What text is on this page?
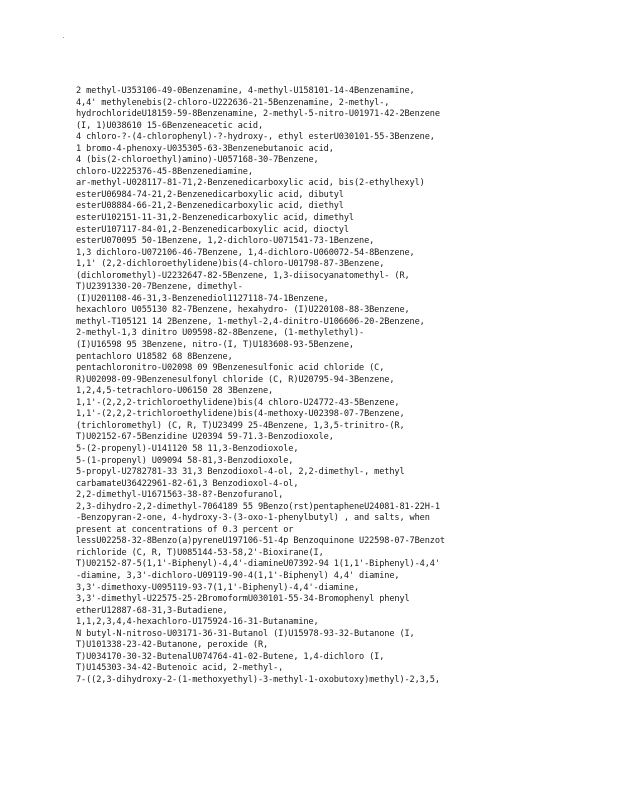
2 methyl-U353106-49-0Benzenamine, 4-methyl-U158101-14-4Benzenamine,
4,4' methylenebis(2-chloro-U222636-21-5Benzenamine, 2-methyl-,
hydrochlorideU18159-59-8Benzenamine, 2-methyl-5-nitro-U01971-42-2Benzene
(I, 1)U038610 15-6Benzeneacetic acid,
4 chloro-?-(4-chlorophenyl)-?-hydroxy-, ethyl esterU030101-55-3Benzene,
1 bromo-4-phenoxy-U035305-63-3Benzenebutanoic acid,
4 (bis(2-chloroethyl)amino)-U057168-30-7Benzene,
chloro-U2225376-45-8Benzenediamine,
ar-methyl-U028117-81-71,2-Benzenedicarboxylic acid, bis(2-ethylhexyl)
esterU06984-74-21,2-Benzenedicarboxylic acid, dibutyl
esterU08884-66-21,2-Benzenedicarboxylic acid, diethyl
esterU102151-11-31,2-Benzenedicarboxylic acid, dimethyl
esterU107117-84-01,2-Benzenedicarboxylic acid, dioctyl
esterU070095 50-1Benzene, 1,2-dichloro-U071541-73-1Benzene,
1,3 dichloro-U072106-46-7Benzene, 1,4-dichloro-U060072-54-8Benzene,
1,1' (2,2-dichloroethylidene)bis(4-chloro-U01798-87-3Benzene,
(dichloromethyl)-U2232647-82-5Benzene, 1,3-diisocyanatomethyl- (R,
T)U2391330-20-7Benzene, dimethyl-
(I)U201108-46-31,3-Benzenediol1127118-74-1Benzene,
hexachloro U055130 82-7Benzene, hexahydro- (I)U220108-88-3Benzene,
methyl-T105121 14 2Benzene, 1-methyl-2,4-dinitro-U106606-20-2Benzene,
2-methyl-1,3 dinitro U09598-82-8Benzene, (1-methylethyl)-
(I)U16598 95 3Benzene, nitro-(I, T)U183608-93-5Benzene,
pentachloro U18582 68 8Benzene,
pentachloronitro-U02098 09 9Benzenesulfonic acid chloride (C,
R)U02098-09-9Benzenesulfonyl chloride (C, R)U20795-94-3Benzene,
1,2,4,5-tetrachloro-U06150 28 3Benzene,
1,1'-(2,2,2-trichloroethylidene)bis(4 chloro-U24772-43-5Benzene,
1,1'-(2,2,2-trichloroethylidene)bis(4-methoxy-U02398-07-7Benzene,
(trichloromethyl) (C, R, T)U23499 25-4Benzene, 1,3,5-trinitro-(R,
T)U02152-67-5Benzidine U20394 59-71.3-Benzodioxole,
5-(2-propenyl)-U141120 58 11,3-Benzodioxole,
5-(1-propenyl) U09094 58-81,3-Benzodioxole,
5-propyl-U2782781-33 31,3 Benzodioxol-4-ol, 2,2-dimethyl-, methyl
carbamateU36422961-82-61,3 Benzodioxol-4-ol,
2,2-dimethyl-U1671563-38-8?-Benzofuranol,
2,3-dihydro-2,2-dimethyl-7064189 55 9Benzo(rst)pentapheneU24081-81-22H-1
-Benzopyran-2-one, 4-hydroxy-3-(3-oxo-1-phenylbutyl) , and salts, when
present at concentrations of 0.3 percent or
lessU02258-32-8Benzo(a)pyreneU197106-51-4p Benzoquinone U22598-07-7Benzot
richloride (C, R, T)U085144-53-58,2'-Bioxirane(I,
T)U02152-87-5(1,1'-Biphenyl)-4,4'-diamineU07392-94 1(1,1'-Biphenyl)-4,4'
-diamine, 3,3'-dichloro-U09119-90-4(1,1'-Biphenyl) 4,4' diamine,
3,3'-dimethoxy-U095119-93-7(1,1'-Biphenyl)-4,4'-diamine,
3,3'-dimethyl-U22575-25-2BromoformU030101-55-34-Bromophenyl phenyl
etherU12887-68-31,3-Butadiene,
1,1,2,3,4,4-hexachloro-U175924-16-31-Butanamine,
N butyl-N-nitroso-U03171-36-31-Butanol (I)U15978-93-32-Butanone (I,
T)U101338-23-42-Butanone, peroxide (R,
T)U034170-30-32-ButenalU074764-41-02-Butene, 1,4-dichloro (I,
T)U145303-34-42-Butenoic acid, 2-methyl-,
7-((2,3-dihydroxy-2-(1-methoxyethyl)-3-methyl-1-oxobutoxy)methyl)-2,3,5,
